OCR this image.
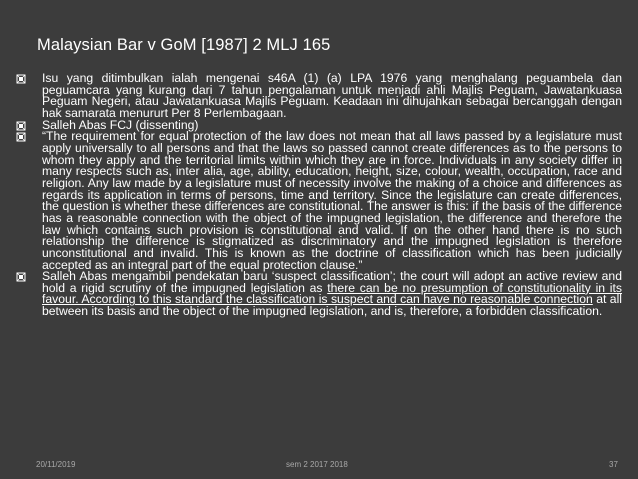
Malaysian Bar v GoM [1987] 2 MLJ 165
Isu yang ditimbulkan ialah mengenai s46A (1) (a) LPA 1976 yang menghalang peguambela dan peguamcara yang kurang dari 7 tahun pengalaman untuk menjadi ahli Majlis Peguam, Jawatankuasa Peguam Negeri, atau Jawatankuasa Majlis Peguam. Keadaan ini dihujahkan sebagai bercanggah dengan hak samarata menururt Per 8 Perlembagaan.
Salleh Abas FCJ (dissenting)
“The requirement for equal protection of the law does not mean that all laws passed by a legislature must apply universally to all persons and that the laws so passed cannot create differences as to the persons to whom they apply and the territorial limits within which they are in force. Individuals in any society differ in many respects such as, inter alia, age, ability, education, height, size, colour, wealth, occupation, race and religion. Any law made by a legislature must of necessity involve the making of a choice and differences as regards its application in terms of persons, time and territory. Since the legislature can create differences, the question is whether these differences are constitutional. The answer is this: if the basis of the difference has a reasonable connection with the object of the impugned legislation, the difference and therefore the law which contains such provision is constitutional and valid. If on the other hand there is no such relationship the difference is stigmatized as discriminatory and the impugned legislation is therefore unconstitutional and invalid. This is known as the doctrine of classification which has been judicially accepted as an integral part of the equal protection clause.”
Salleh Abas mengambil pendekatan baru ‘suspect classification’; the court will adopt an active review and hold a rigid scrutiny of the impugned legislation as there can be no presumption of constitutionality in its favour. According to this standard the classification is suspect and can have no reasonable connection at all between its basis and the object of the impugned legislation, and is, therefore, a forbidden classification.
20/11/2019	sem 2 2017 2018	37
